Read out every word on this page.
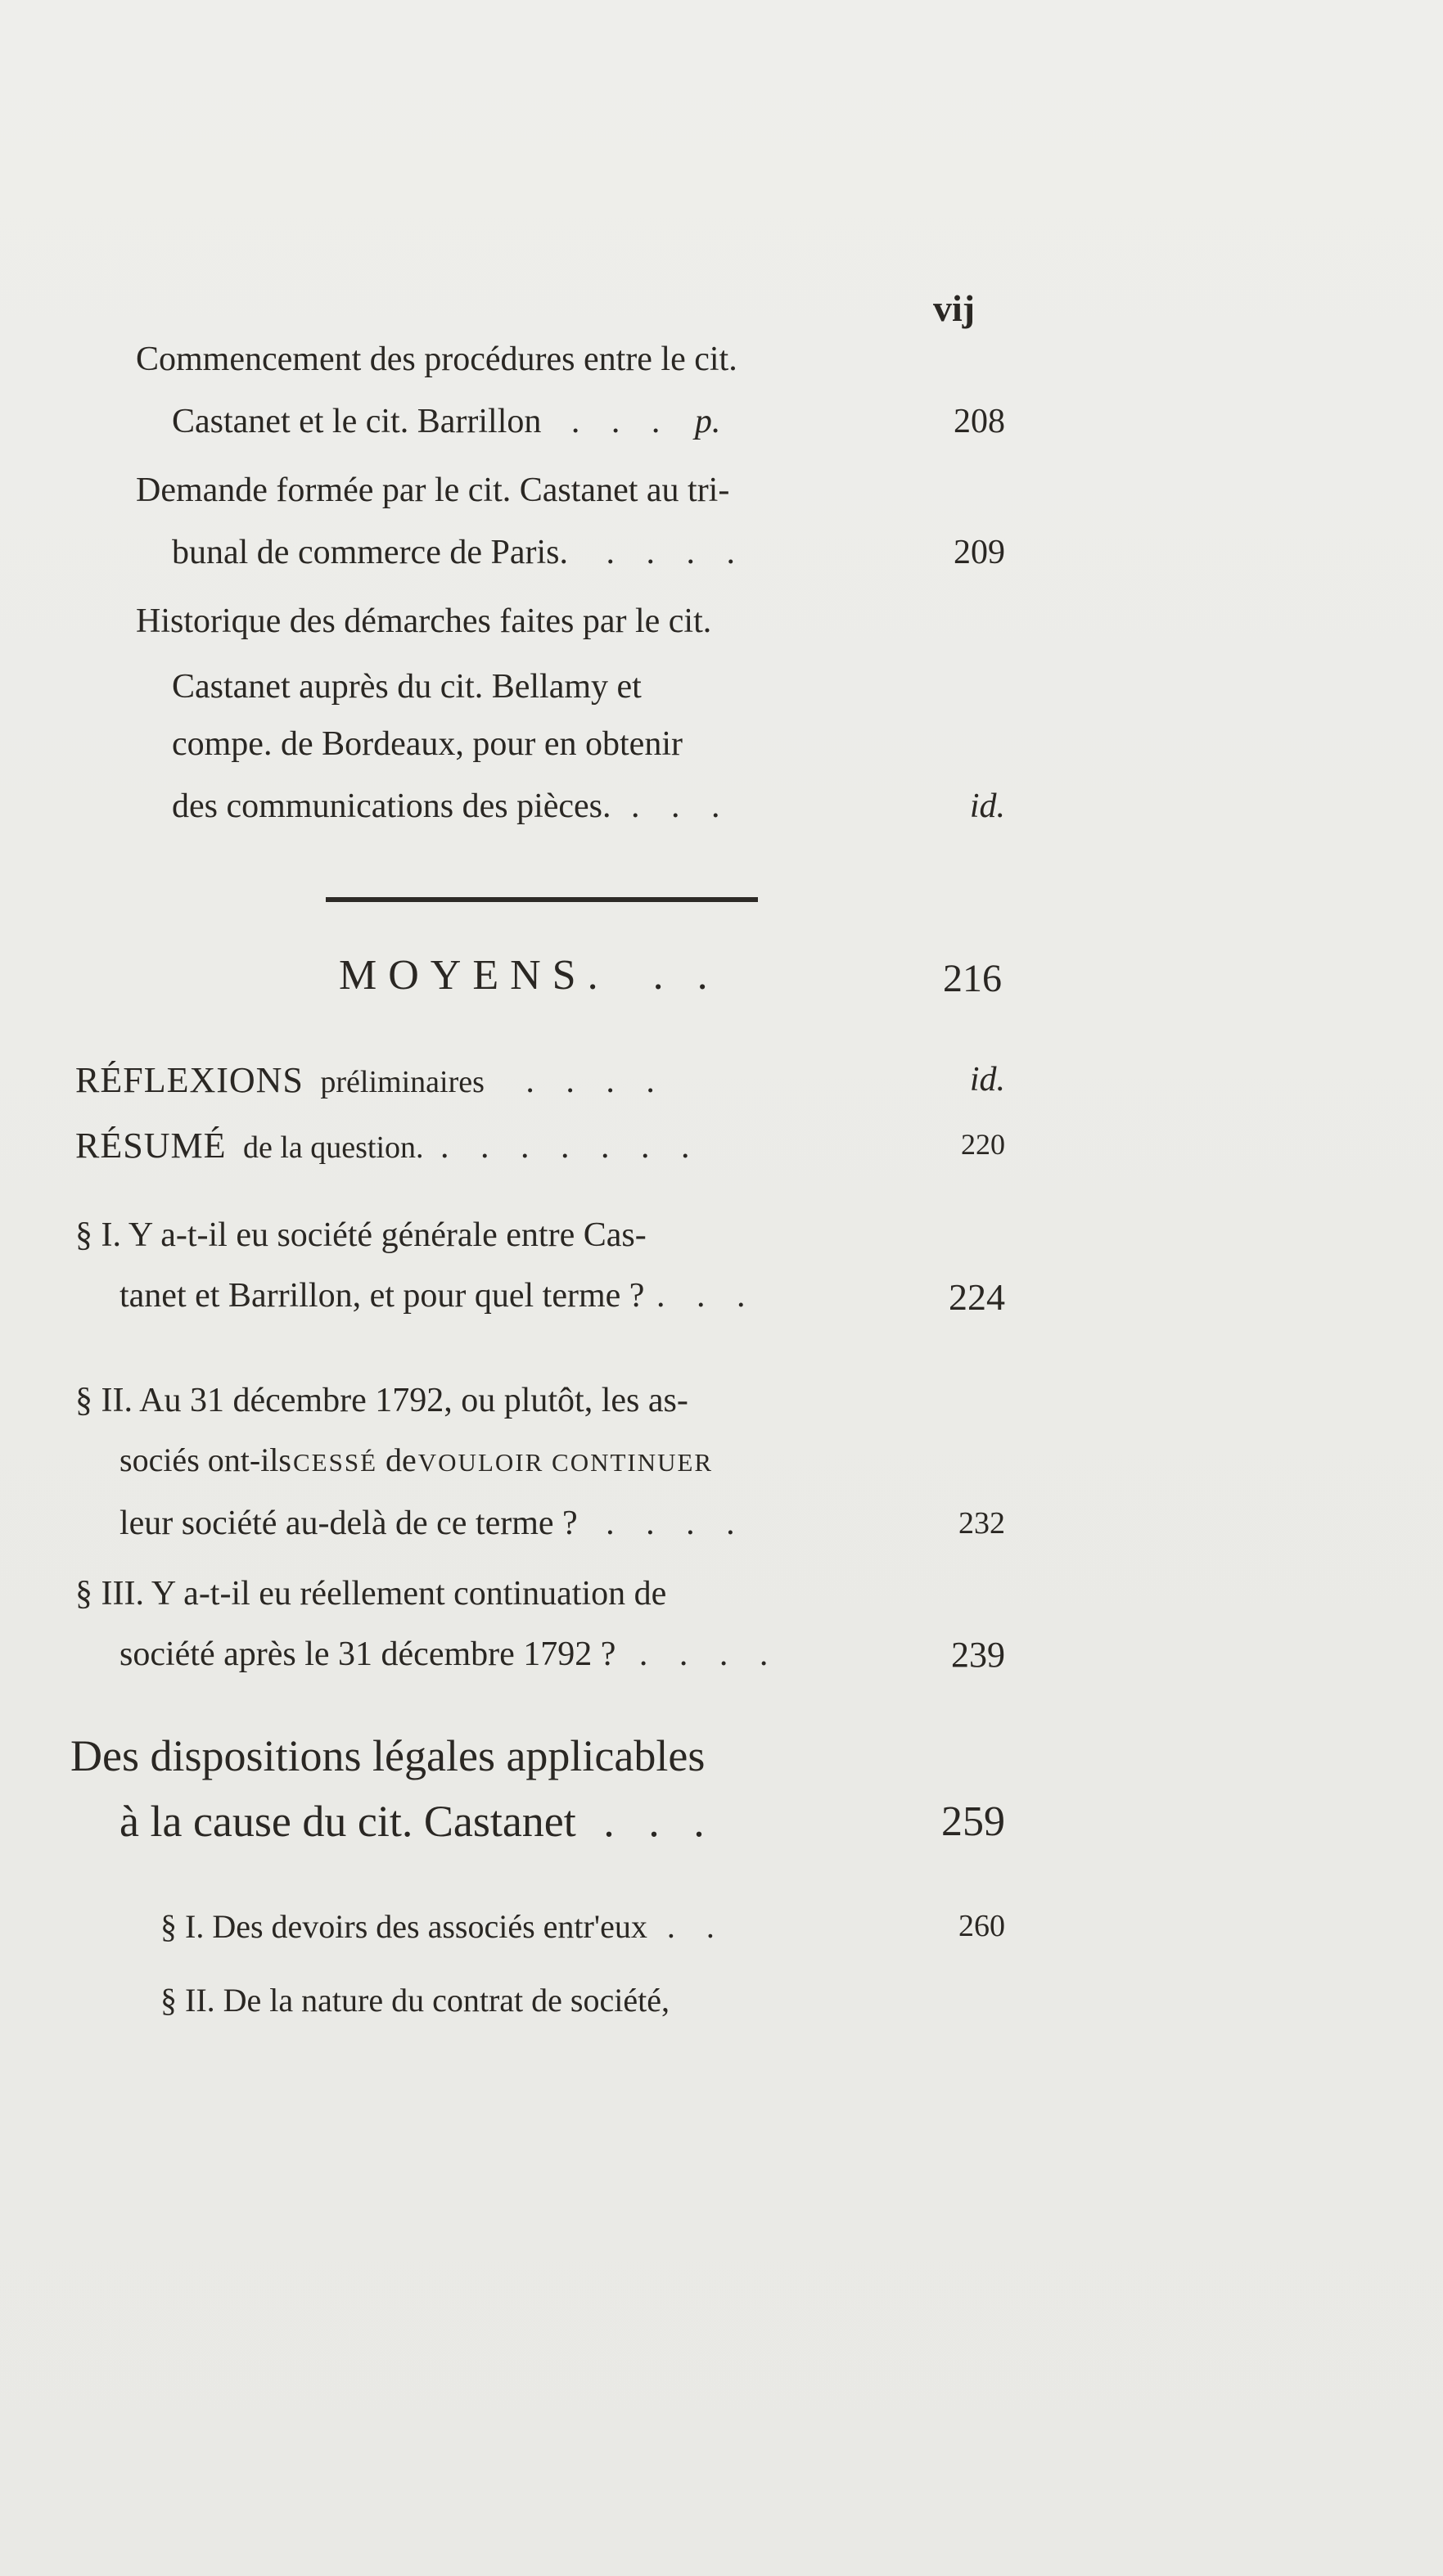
vij
Commencement des procédures entre le cit.
Castanet et le cit. Barrillon . . . p.	208
Demande formée par le cit. Castanet au tri-
bunal de commerce de Paris. . . . .	209
Historique des démarches faites par le cit.
Castanet auprès du cit. Bellamy et
compe. de Bordeaux, pour en obtenir
des communications des pièces. . . .	id.
MOYENS. . .	216
RÉFLEXIONS préliminaires . . . .	id.
RÉSUMÉ de la question. . . . . . . .	220
§ I. Y a-t-il eu société générale entre Cas-
tanet et Barrillon, et pour quel terme ? . . .	224
§ II. Au 31 décembre 1792, ou plutôt, les as-
sociés ont-ilsCESSÉ deVOULOIR CONTINUER
leur société au-delà de ce terme ? . . . .	232
§ III. Y a-t-il eu réellement continuation de
société après le 31 décembre 1792 ? . . . .	239
Des dispositions légales applicables
à la cause du cit. Castanet . . .	259
§ I. Des devoirs des associés entr'eux . .	260
§ II. De la nature du contrat de société,
